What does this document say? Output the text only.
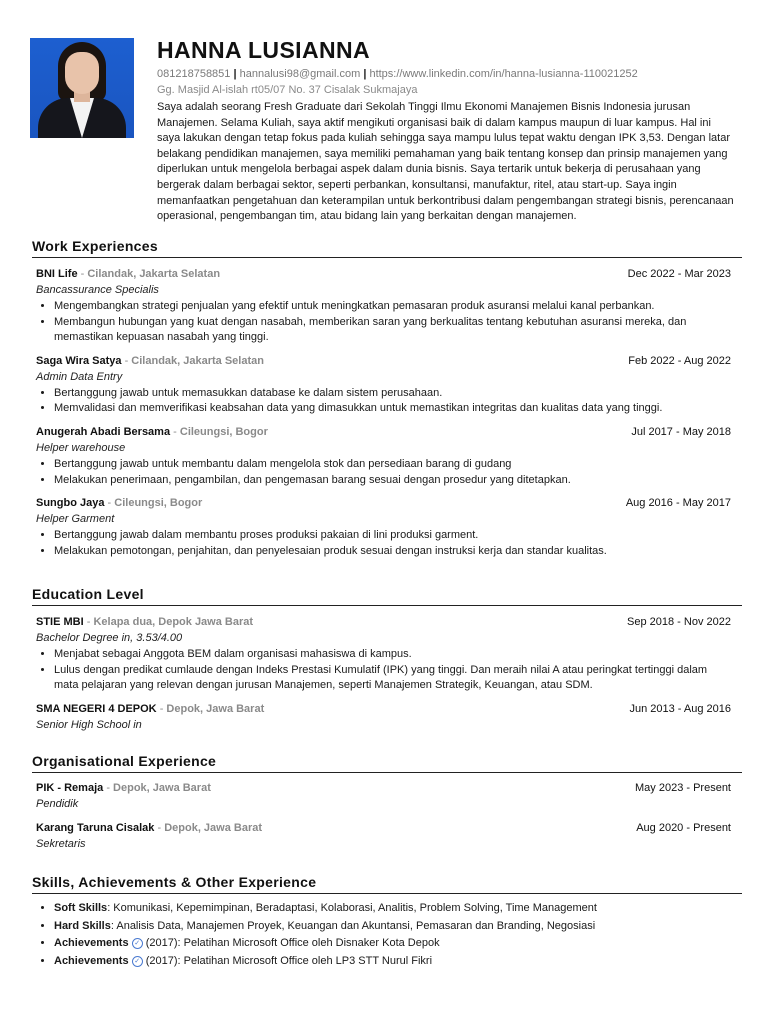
HANNA LUSIANNA
081218758851 | hannalusi98@gmail.com | https://www.linkedin.com/in/hanna-lusianna-110021252
Gg. Masjid Al-islah rt05/07 No. 37 Cisalak Sukmajaya

Saya adalah seorang Fresh Graduate dari Sekolah Tinggi Ilmu Ekonomi Manajemen Bisnis Indonesia jurusan Manajemen. Selama Kuliah, saya aktif mengikuti organisasi baik di dalam kampus maupun di luar kampus. Hal ini saya lakukan dengan tetap fokus pada kuliah sehingga saya mampu lulus tepat waktu dengan IPK 3,53. Dengan latar belakang pendidikan manajemen, saya memiliki pemahaman yang baik tentang konsep dan prinsip manajemen yang diperlukan untuk mengelola berbagai aspek dalam dunia bisnis. Saya tertarik untuk bekerja di perusahaan yang bergerak dalam berbagai sektor, seperti perbankan, konsultansi, manufaktur, ritel, atau start-up. Saya ingin memanfaatkan pengetahuan dan keterampilan untuk berkontribusi dalam pengembangan strategi bisnis, perencanaan operasional, pengembangan tim, atau bidang lain yang berkaitan dengan manajemen.

Work Experiences
BNI Life - Cilandak, Jakarta Selatan	Dec 2022 - Mar 2023
Bancassurance Specialis
• Mengembangkan strategi penjualan yang efektif untuk meningkatkan pemasaran produk asuransi melalui kanal perbankan.
• Membangun hubungan yang kuat dengan nasabah, memberikan saran yang berkualitas tentang kebutuhan asuransi mereka, dan memastikan kepuasan nasabah yang tinggi.
Saga Wira Satya - Cilandak, Jakarta Selatan	Feb 2022 - Aug 2022
Admin Data Entry
• Bertanggung jawab untuk memasukkan database ke dalam sistem perusahaan.
• Memvalidasi dan memverifikasi keabsahan data yang dimasukkan untuk memastikan integritas dan kualitas data yang tinggi.
Anugerah Abadi Bersama - Cileungsi, Bogor	Jul 2017 - May 2018
Helper warehouse
• Bertanggung jawab untuk membantu dalam mengelola stok dan persediaan barang di gudang
• Melakukan penerimaan, pengambilan, dan pengemasan barang sesuai dengan prosedur yang ditetapkan.
Sungbo Jaya - Cileungsi, Bogor	Aug 2016 - May 2017
Helper Garment
• Bertanggung jawab dalam membantu proses produksi pakaian di lini produksi garment.
• Melakukan pemotongan, penjahitan, dan penyelesaian produk sesuai dengan instruksi kerja dan standar kualitas.
Education Level
STIE MBI - Kelapa dua, Depok Jawa Barat	Sep 2018 - Nov 2022
Bachelor Degree in, 3.53/4.00
• Menjabat sebagai Anggota BEM dalam organisasi mahasiswa di kampus.
• Lulus dengan predikat cumlaude dengan Indeks Prestasi Kumulatif (IPK) yang tinggi. Dan meraih nilai A atau peringkat tertinggi dalam mata pelajaran yang relevan dengan jurusan Manajemen, seperti Manajemen Strategik, Keuangan, atau SDM.
SMA NEGERI 4 DEPOK - Depok, Jawa Barat	Jun 2013 - Aug 2016
Senior High School in
Organisational Experience
PIK - Remaja - Depok, Jawa Barat	May 2023 - Present
Pendidik
Karang Taruna Cisalak - Depok, Jawa Barat	Aug 2020 - Present
Sekretaris
Skills, Achievements & Other Experience
• Soft Skills: Komunikasi, Kepemimpinan, Beradaptasi, Kolaborasi, Analitis, Problem Solving, Time Management
• Hard Skills: Analisis Data, Manajemen Proyek, Keuangan dan Akuntansi, Pemasaran dan Branding, Negosiasi
• Achievements ✓ (2017): Pelatihan Microsoft Office oleh Disnaker Kota Depok
• Achievements ✓ (2017): Pelatihan Microsoft Office oleh LP3 STT Nurul Fikri
